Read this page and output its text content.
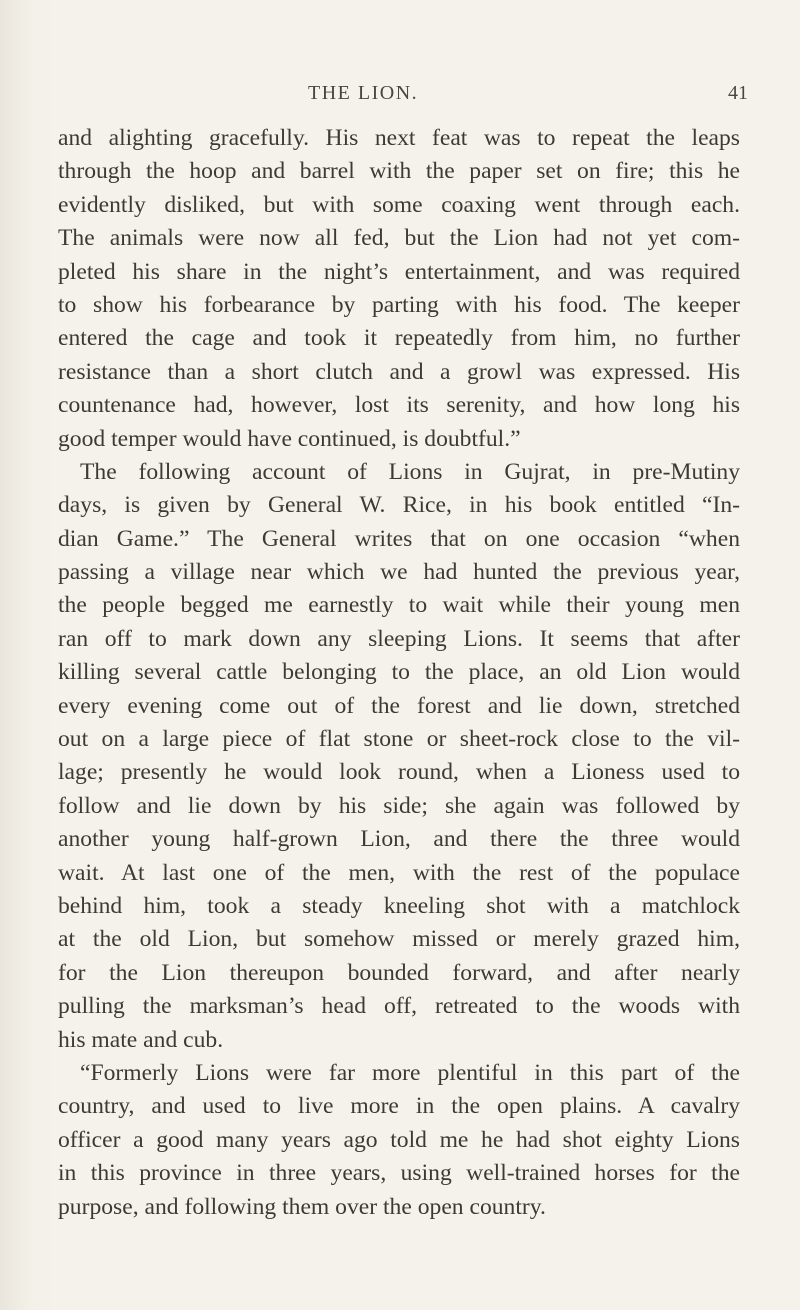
THE LION.	41
and alighting gracefully. His next feat was to repeat the leaps
through the hoop and barrel with the paper set on fire; this he
evidently disliked, but with some coaxing went through each.
The animals were now all fed, but the Lion had not yet com-
pleted his share in the night’s entertainment, and was required
to show his forbearance by parting with his food. The keeper
entered the cage and took it repeatedly from him, no further
resistance than a short clutch and a growl was expressed. His
countenance had, however, lost its serenity, and how long his
good temper would have continued, is doubtful.”
The following account of Lions in Gujrat, in pre-Mutiny
days, is given by General W. Rice, in his book entitled “In-
dian Game.” The General writes that on one occasion “when
passing a village near which we had hunted the previous year,
the people begged me earnestly to wait while their young men
ran off to mark down any sleeping Lions. It seems that after
killing several cattle belonging to the place, an old Lion would
every evening come out of the forest and lie down, stretched
out on a large piece of flat stone or sheet-rock close to the vil-
lage; presently he would look round, when a Lioness used to
follow and lie down by his side; she again was followed by
another young half-grown Lion, and there the three would
wait. At last one of the men, with the rest of the populace
behind him, took a steady kneeling shot with a matchlock
at the old Lion, but somehow missed or merely grazed him,
for the Lion thereupon bounded forward, and after nearly
pulling the marksman’s head off, retreated to the woods with
his mate and cub.
“Formerly Lions were far more plentiful in this part of the
country, and used to live more in the open plains. A cavalry
officer a good many years ago told me he had shot eighty Lions
in this province in three years, using well-trained horses for the
purpose, and following them over the open country.
